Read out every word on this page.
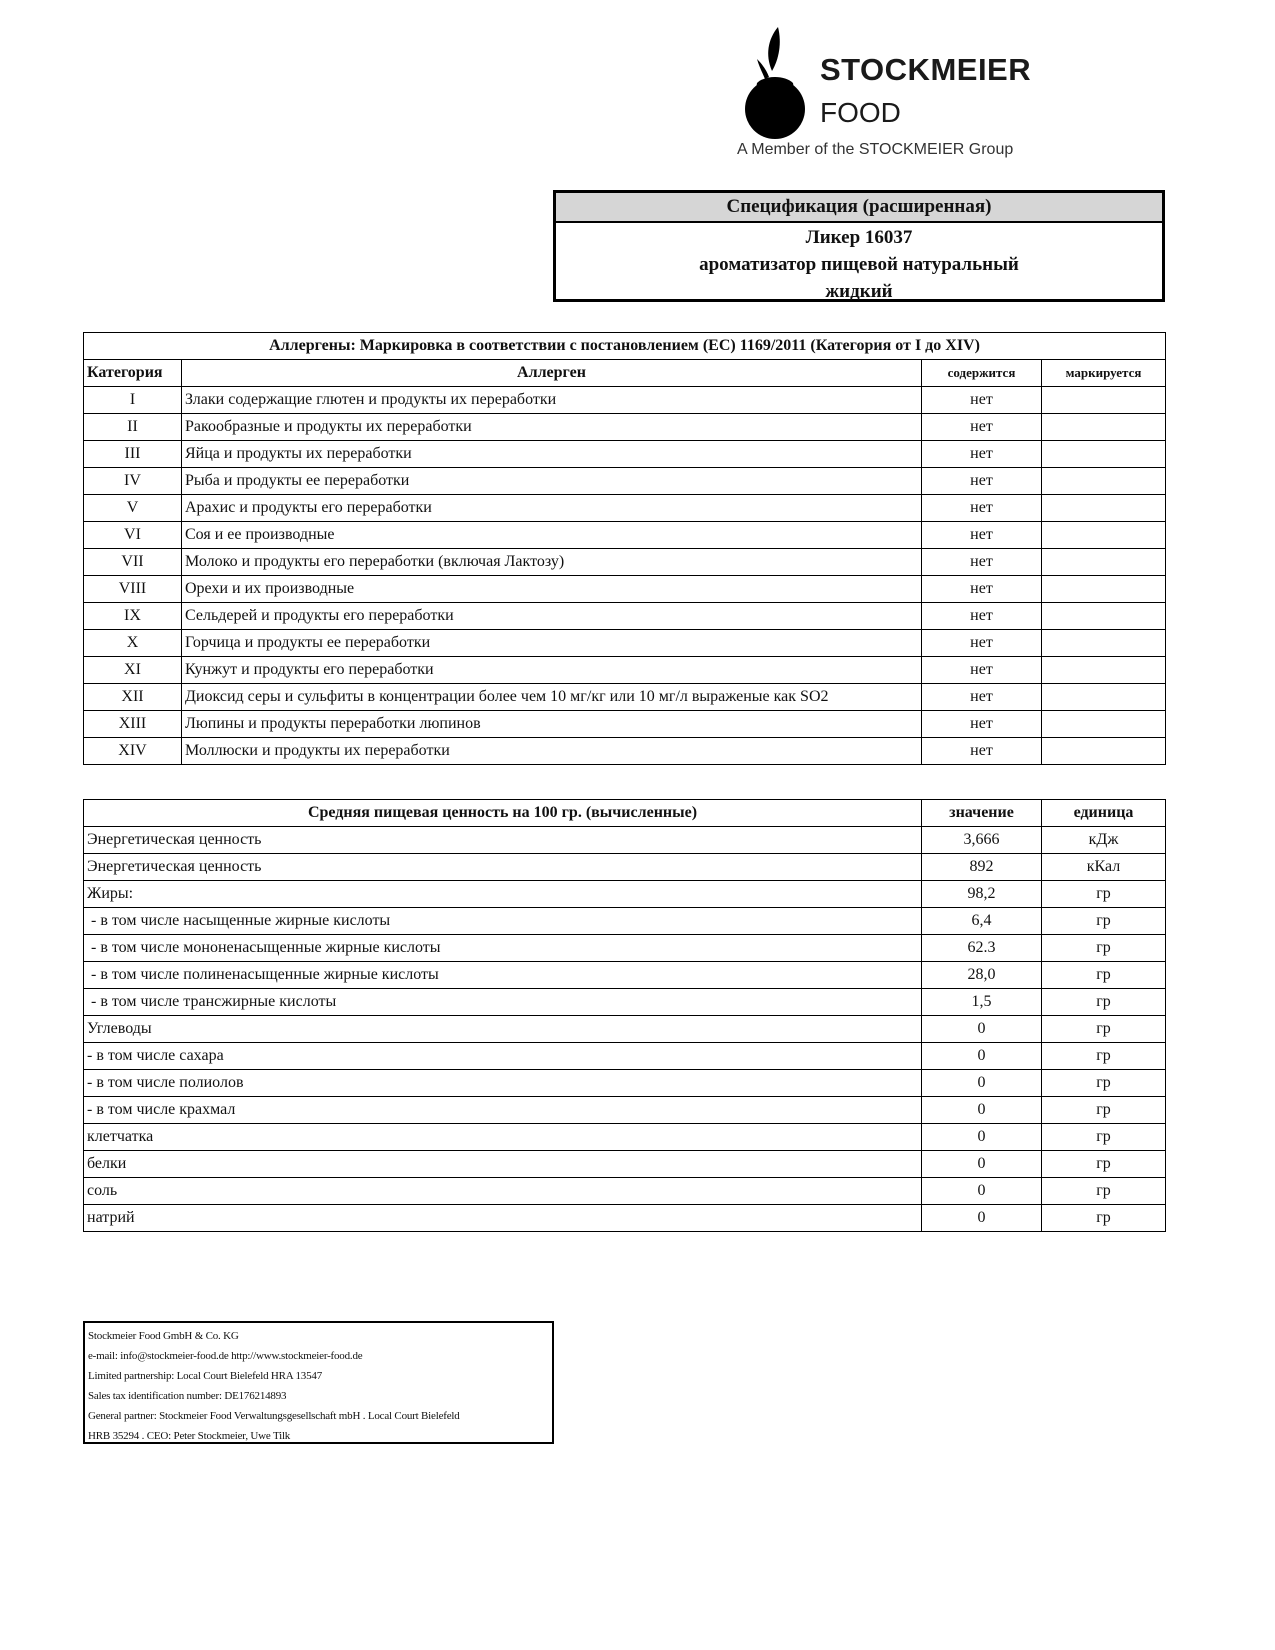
STOCKMEIER
FOOD
A Member of the STOCKMEIER Group
Спецификация (расширенная)
Ликер 16037
ароматизатор пищевой натуральный
жидкий
Аллергены: Маркировка в соответствии с постановлением (ЕС) 1169/2011 (Категория от I до XIV)			
Категория	Аллерген	содержится	маркируется
I	Злаки содержащие глютен и продукты их переработки	нет	
II	Ракообразные и продукты их переработки	нет	
III	Яйца и продукты их переработки	нет	
IV	Рыба и продукты ее переработки	нет	
V	Арахис и продукты его переработки	нет	
VI	Соя и ее производные	нет	
VII	Молоко и продукты его переработки (включая Лактозу)	нет	
VIII	Орехи и их производные	нет	
IX	Сельдерей и продукты его переработки	нет	
X	Горчица и продукты ее переработки	нет	
XI	Кунжут и продукты его переработки	нет	
XII	Диоксид серы и сульфиты в концентрации более чем 10 мг/кг или 10 мг/л выраженые как SO2	нет	
XIII	Люпины и продукты переработки люпинов	нет	
XIV	Моллюски и продукты их переработки	нет	
Средняя пищевая ценность на 100 гр. (вычисленные)	значение	единица
Энергетическая ценность	3,666	кДж
Энергетическая ценность	892	кКал
Жиры:	98,2	гр
- в том числе насыщенные жирные кислоты	6,4	гр
- в том числе мононенасыщенные жирные кислоты	62.3	гр
- в том числе полиненасыщенные жирные кислоты	28,0	гр
- в том числе трансжирные кислоты	1,5	гр
Углеводы	0	гр
- в том числе сахара	0	гр
- в том числе полиолов	0	гр
- в том числе крахмал	0	гр
клетчатка	0	гр
белки	0	гр
соль	0	гр
натрий	0	гр
Stockmeier Food GmbH & Co. KG
e-mail: info@stockmeier-food.de http://www.stockmeier-food.de
Limited partnership: Local Court Bielefeld HRA 13547
Sales tax identification number: DE176214893
General partner: Stockmeier Food Verwaltungsgesellschaft mbH . Local Court Bielefeld
HRB 35294 . CEO: Peter Stockmeier, Uwe Tilk
